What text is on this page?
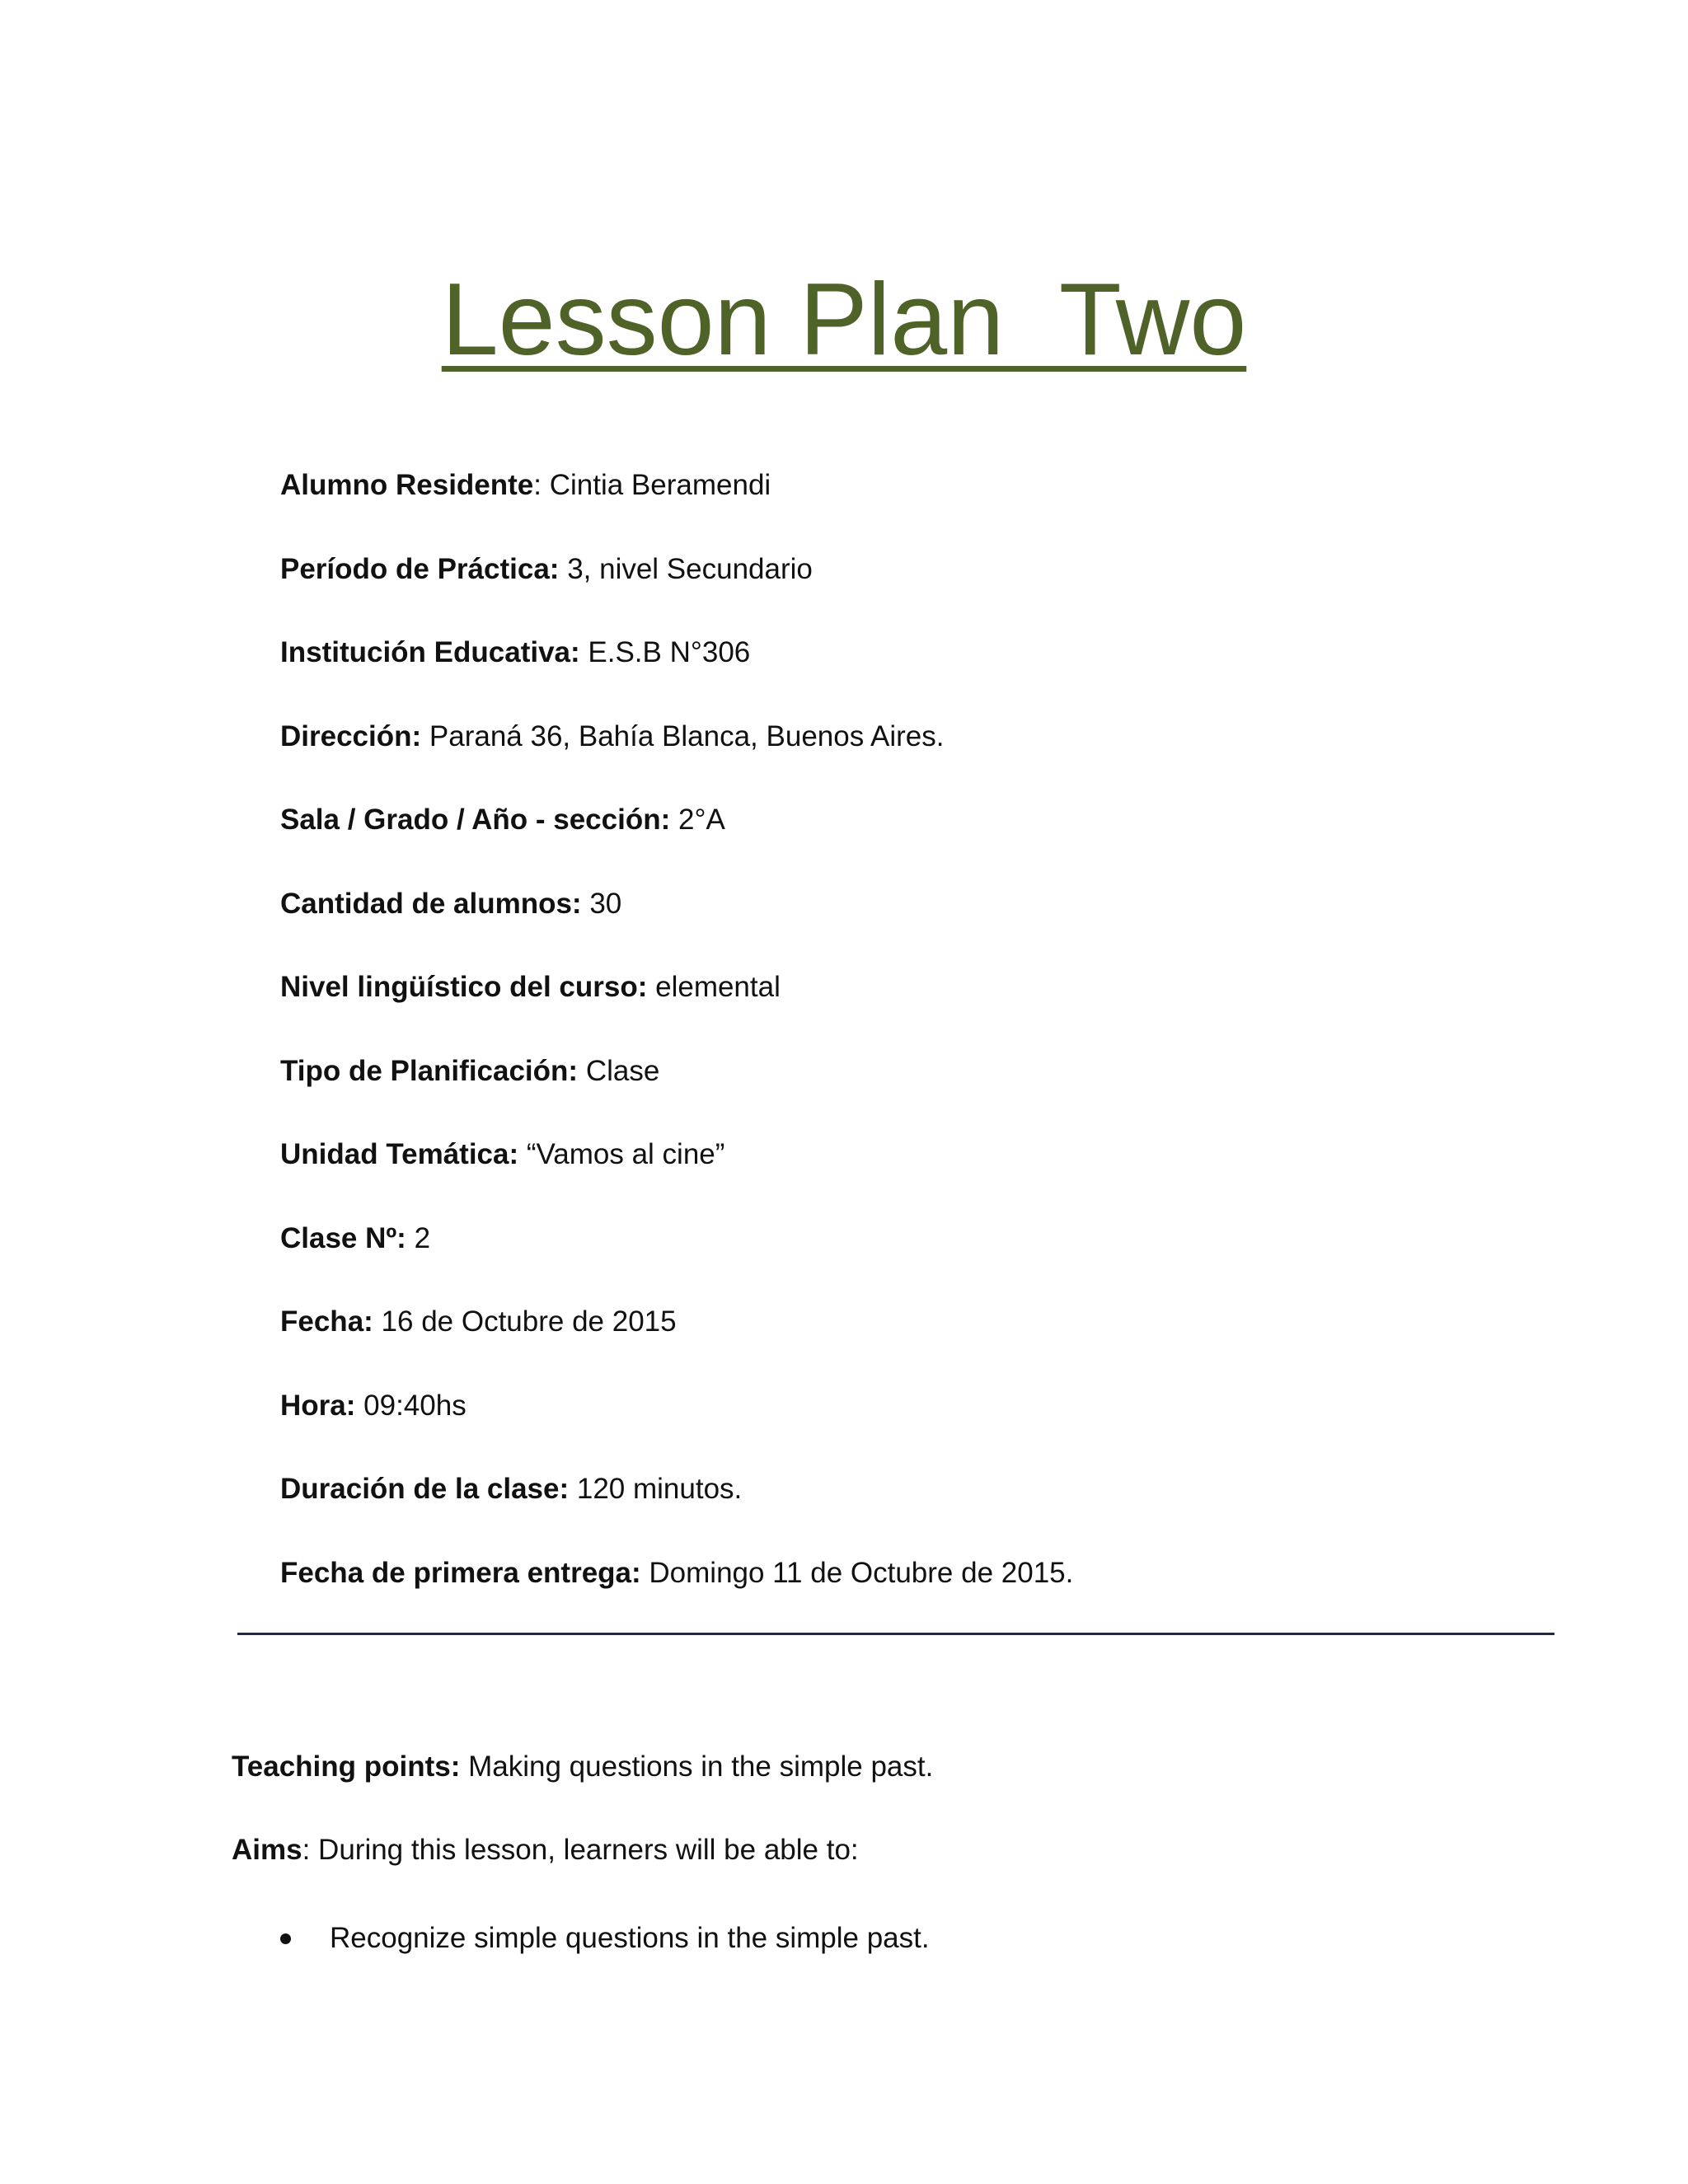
Lesson Plan  Two
Alumno Residente: Cintia Beramendi
Período de Práctica: 3, nivel Secundario
Institución Educativa: E.S.B N°306
Dirección: Paraná 36, Bahía Blanca, Buenos Aires.
Sala / Grado / Año - sección: 2°A
Cantidad de alumnos: 30
Nivel lingüístico del curso: elemental
Tipo de Planificación: Clase
Unidad Temática: “Vamos al cine”
Clase Nº: 2
Fecha: 16 de Octubre de 2015
Hora: 09:40hs
Duración de la clase: 120 minutos.
Fecha de primera entrega: Domingo 11 de Octubre de 2015.
Teaching points: Making questions in the simple past.
Aims: During this lesson, learners will be able to:
Recognize simple questions in the simple past.
